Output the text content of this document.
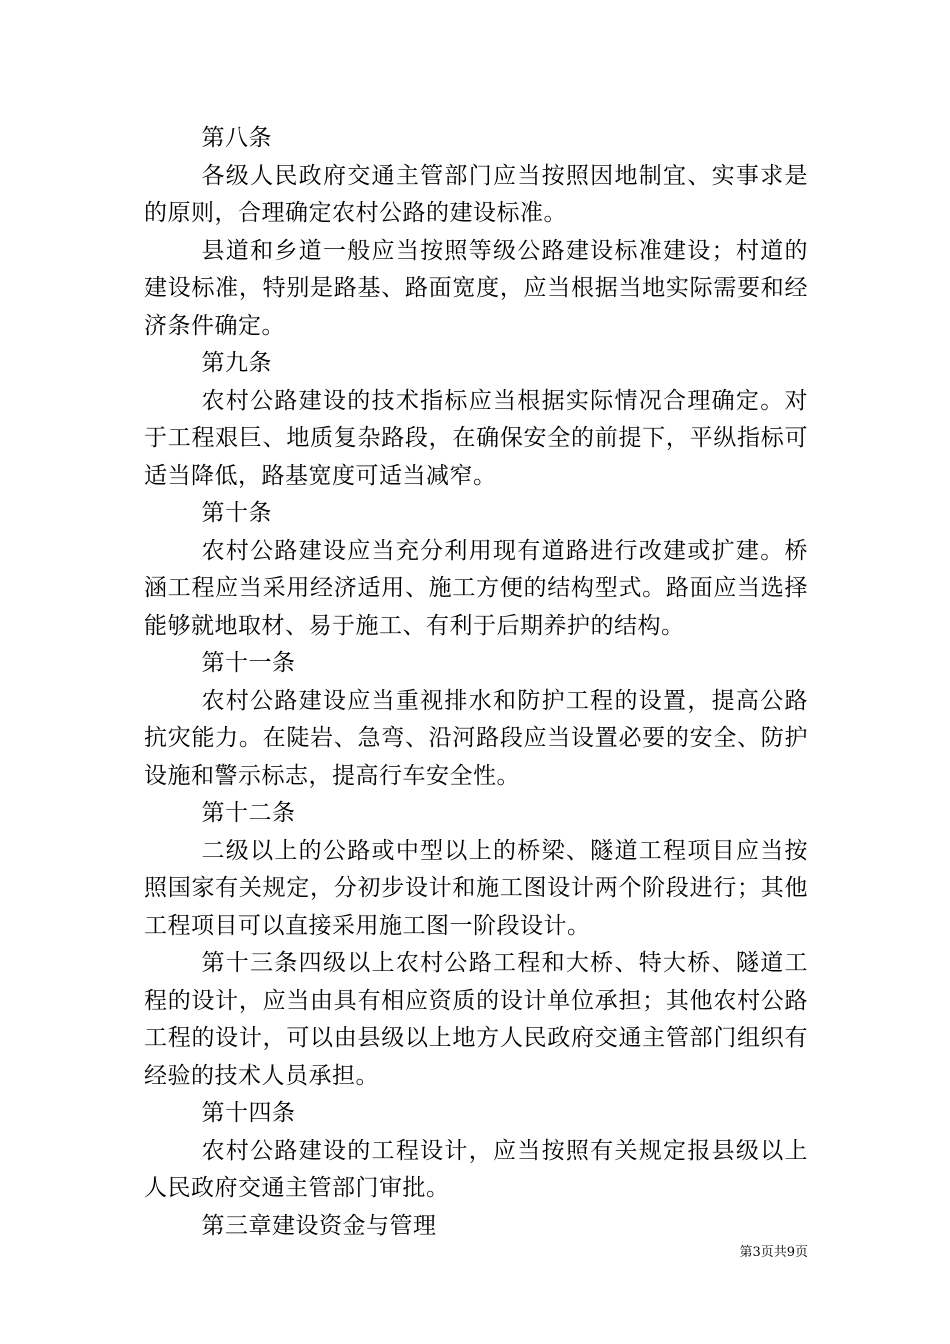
第八条

各级人民政府交通主管部门应当按照因地制宜、实事求是的原则，合理确定农村公路的建设标准。

县道和乡道一般应当按照等级公路建设标准建设；村道的建设标准，特别是路基、路面宽度，应当根据当地实际需要和经济条件确定。

第九条

农村公路建设的技术指标应当根据实际情况合理确定。对于工程艰巨、地质复杂路段，在确保安全的前提下，平纵指标可适当降低，路基宽度可适当减窄。

第十条

农村公路建设应当充分利用现有道路进行改建或扩建。桥涵工程应当采用经济适用、施工方便的结构型式。路面应当选择能够就地取材、易于施工、有利于后期养护的结构。

第十一条

农村公路建设应当重视排水和防护工程的设置，提高公路抗灾能力。在陡岩、急弯、沿河路段应当设置必要的安全、防护设施和警示标志，提高行车安全性。

第十二条

二级以上的公路或中型以上的桥梁、隧道工程项目应当按照国家有关规定，分初步设计和施工图设计两个阶段进行；其他工程项目可以直接采用施工图一阶段设计。

第十三条四级以上农村公路工程和大桥、特大桥、隧道工程的设计，应当由具有相应资质的设计单位承担；其他农村公路工程的设计，可以由县级以上地方人民政府交通主管部门组织有经验的技术人员承担。

第十四条

农村公路建设的工程设计，应当按照有关规定报县级以上人民政府交通主管部门审批。

第三章建设资金与管理

第3页共9页
